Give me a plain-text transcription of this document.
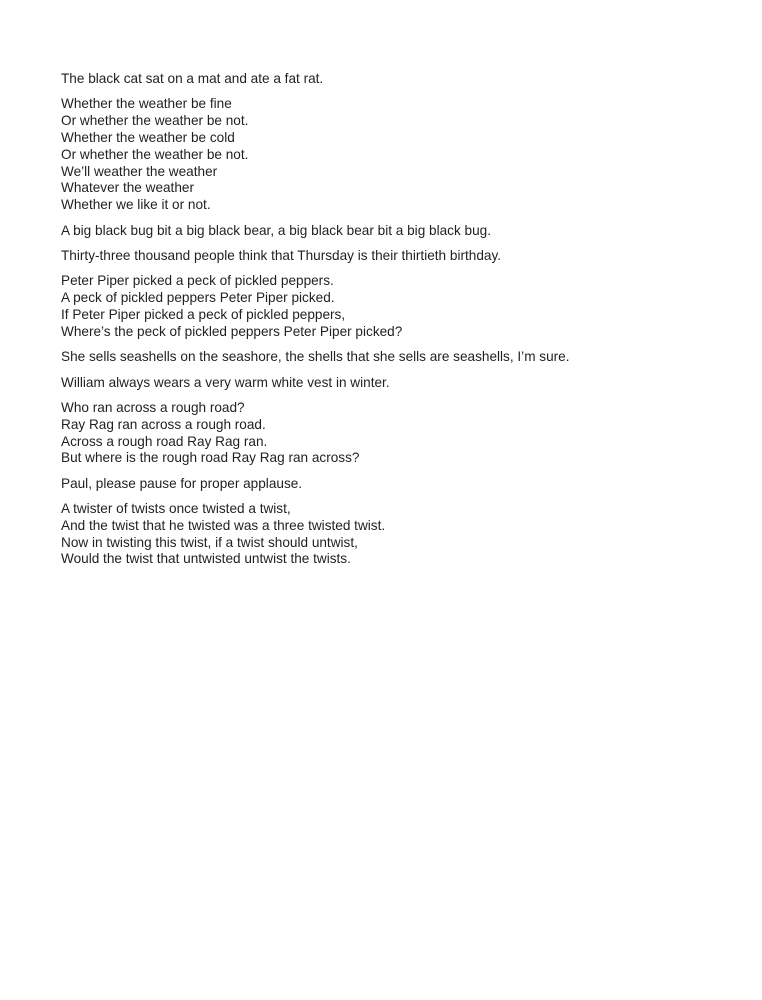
The black cat sat on a mat and ate a fat rat.

Whether the weather be fine
Or whether the weather be not.
Whether the weather be cold
Or whether the weather be not.
We’ll weather the weather
Whatever the weather
Whether we like it or not.

A big black bug bit a big black bear, a big black bear bit a big black bug.

Thirty-three thousand people think that Thursday is their thirtieth birthday.

Peter Piper picked a peck of pickled peppers.
A peck of pickled peppers Peter Piper picked.
If Peter Piper picked a peck of pickled peppers,
Where’s the peck of pickled peppers Peter Piper picked?

She sells seashells on the seashore, the shells that she sells are seashells, I’m sure.

William always wears a very warm white vest in winter.

Who ran across a rough road?
Ray Rag ran across a rough road.
Across a rough road Ray Rag ran.
But where is the rough road Ray Rag ran across?

Paul, please pause for proper applause.

A twister of twists once twisted a twist,
And the twist that he twisted was a three twisted twist.
Now in twisting this twist, if a twist should untwist,
Would the twist that untwisted untwist the twists.
